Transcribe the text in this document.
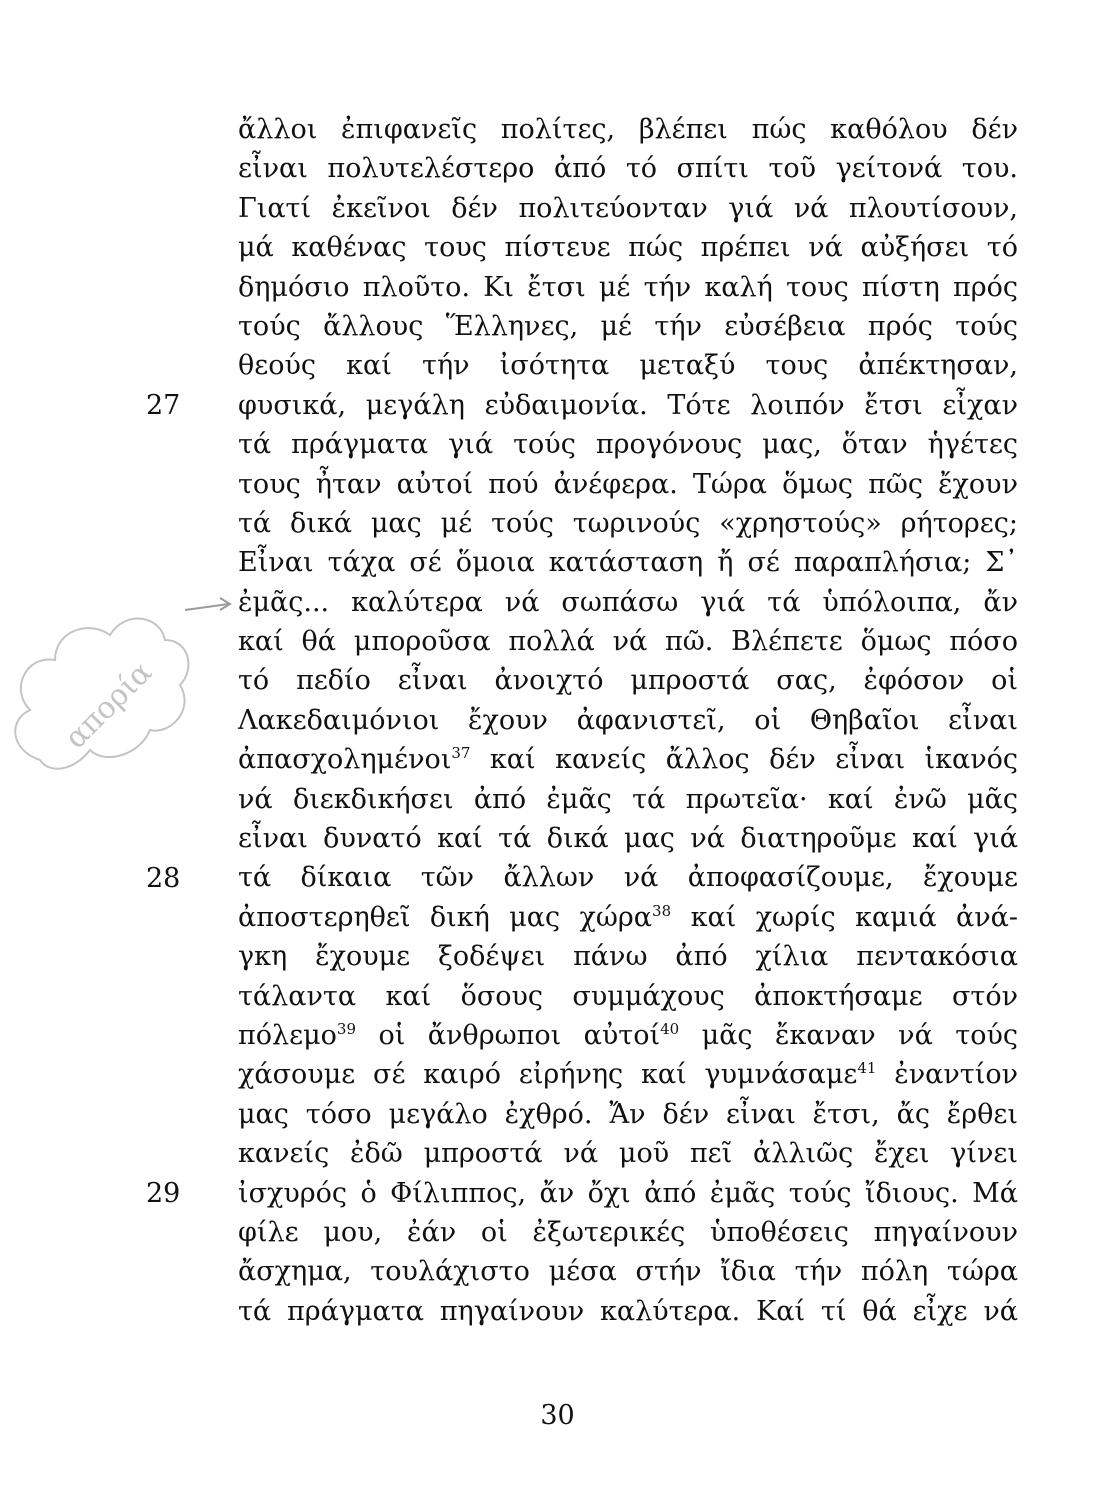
απορία
ἄλλοι ἐπιφανεῖς πολίτες, βλέπει πώς καθόλου δέν
εἶναι πολυτελέστερο ἀπό τό σπίτι τοῦ γείτονά του.
Γιατί ἐκεῖνοι δέν πολιτεύονταν γιά νά πλουτίσουν,
μά καθένας τους πίστευε πώς πρέπει νά αὐξήσει τό
δημόσιο πλοῦτο. Κι ἔτσι μέ τήν καλή τους πίστη πρός
τούς ἄλλους Ἕλληνες, μέ τήν εὐσέβεια πρός τούς
θεούς καί τήν ἰσότητα μεταξύ τους ἀπέκτησαν,
φυσικά, μεγάλη εὐδαιμονία. Τότε λοιπόν ἔτσι εἶχαν
τά πράγματα γιά τούς προγόνους μας, ὅταν ἡγέτες
τους ἦταν αὐτοί πού ἀνέφερα. Τώρα ὅμως πῶς ἔχουν
τά δικά μας μέ τούς τωρινούς «χρηστούς» ρήτορες;
Εἶναι τάχα σέ ὅμοια κατάσταση ἤ σέ παραπλήσια; Σ᾿
ἐμᾶς... καλύτερα νά σωπάσω γιά τά ὑπόλοιπα, ἄν
καί θά μποροῦσα πολλά νά πῶ. Βλέπετε ὅμως πόσο
τό πεδίο εἶναι ἀνοιχτό μπροστά σας, ἐφόσον οἱ
Λακεδαιμόνιοι ἔχουν ἀφανιστεῖ, οἱ Θηβαῖοι εἶναι
ἀπασχολημένοι$^{37}$ καί κανείς ἄλλος δέν εἶναι ἱκανός
νά διεκδικήσει ἀπό ἐμᾶς τά πρωτεῖα· καί ἐνῶ μᾶς
εἶναι δυνατό καί τά δικά μας νά διατηροῦμε καί γιά
τά δίκαια τῶν ἄλλων νά ἀποφασίζουμε, ἔχουμε
ἀποστερηθεῖ δική μας χώρα$^{38}$ καί χωρίς καμιά ἀνά-
γκη ἔχουμε ξοδέψει πάνω ἀπό χίλια πεντακόσια
τάλαντα καί ὅσους συμμάχους ἀποκτήσαμε στόν
πόλεμο$^{39}$ οἱ ἄνθρωποι αὐτοί$^{40}$ μᾶς ἔκαναν νά τούς
χάσουμε σέ καιρό εἰρήνης καί γυμνάσαμε$^{41}$ ἐναντίον
μας τόσο μεγάλο ἐχθρό. Ἄν δέν εἶναι ἔτσι, ἄς ἔρθει
κανείς ἐδῶ μπροστά νά μοῦ πεῖ ἀλλιῶς ἔχει γίνει
ἰσχυρός ὁ Φίλιππος, ἄν ὄχι ἀπό ἐμᾶς τούς ἴδιους. Μά
φίλε μου, ἐάν οἱ ἐξωτερικές ὑποθέσεις πηγαίνουν
ἄσχημα, τουλάχιστο μέσα στήν ἴδια τήν πόλη τώρα
τά πράγματα πηγαίνουν καλύτερα. Καί τί θά εἶχε νά
27
28
29
30
